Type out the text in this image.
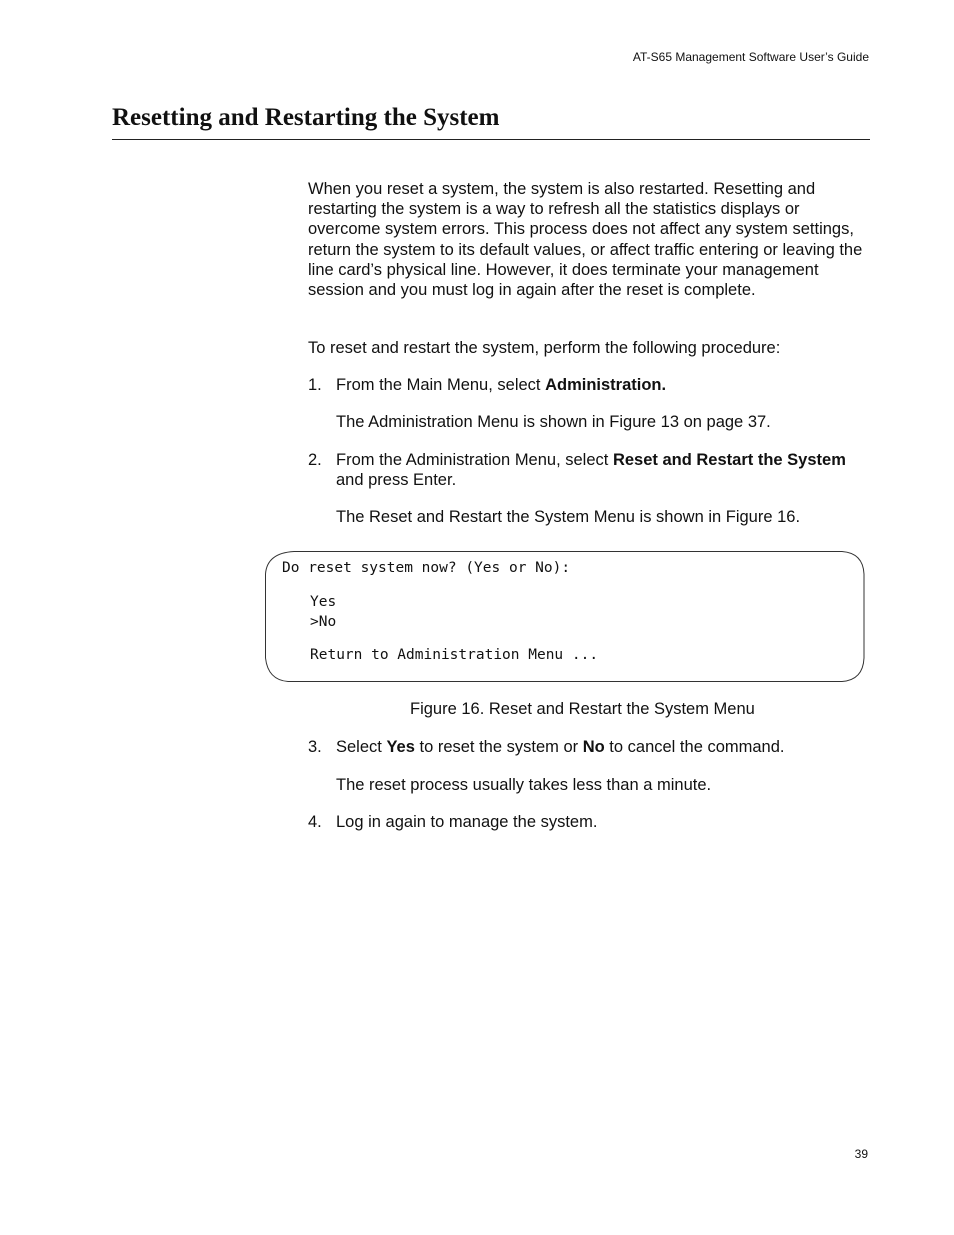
AT-S65 Management Software User’s Guide
Resetting and Restarting the System

When you reset a system, the system is also restarted. Resetting and restarting the system is a way to refresh all the statistics displays or overcome system errors. This process does not affect any system settings, return the system to its default values, or affect traffic entering or leaving the line card’s physical line. However, it does terminate your management session and you must log in again after the reset is complete.

To reset and restart the system, perform the following procedure:
1. From the Main Menu, select Administration.
The Administration Menu is shown in Figure 13 on page 37.
2. From the Administration Menu, select Reset and Restart the System and press Enter.
The Reset and Restart the System Menu is shown in Figure 16.
Do reset system now? (Yes or No):
Yes
>No
Return to Administration Menu ...
Figure 16. Reset and Restart the System Menu
3. Select Yes to reset the system or No to cancel the command.
The reset process usually takes less than a minute.
4. Log in again to manage the system.
39
